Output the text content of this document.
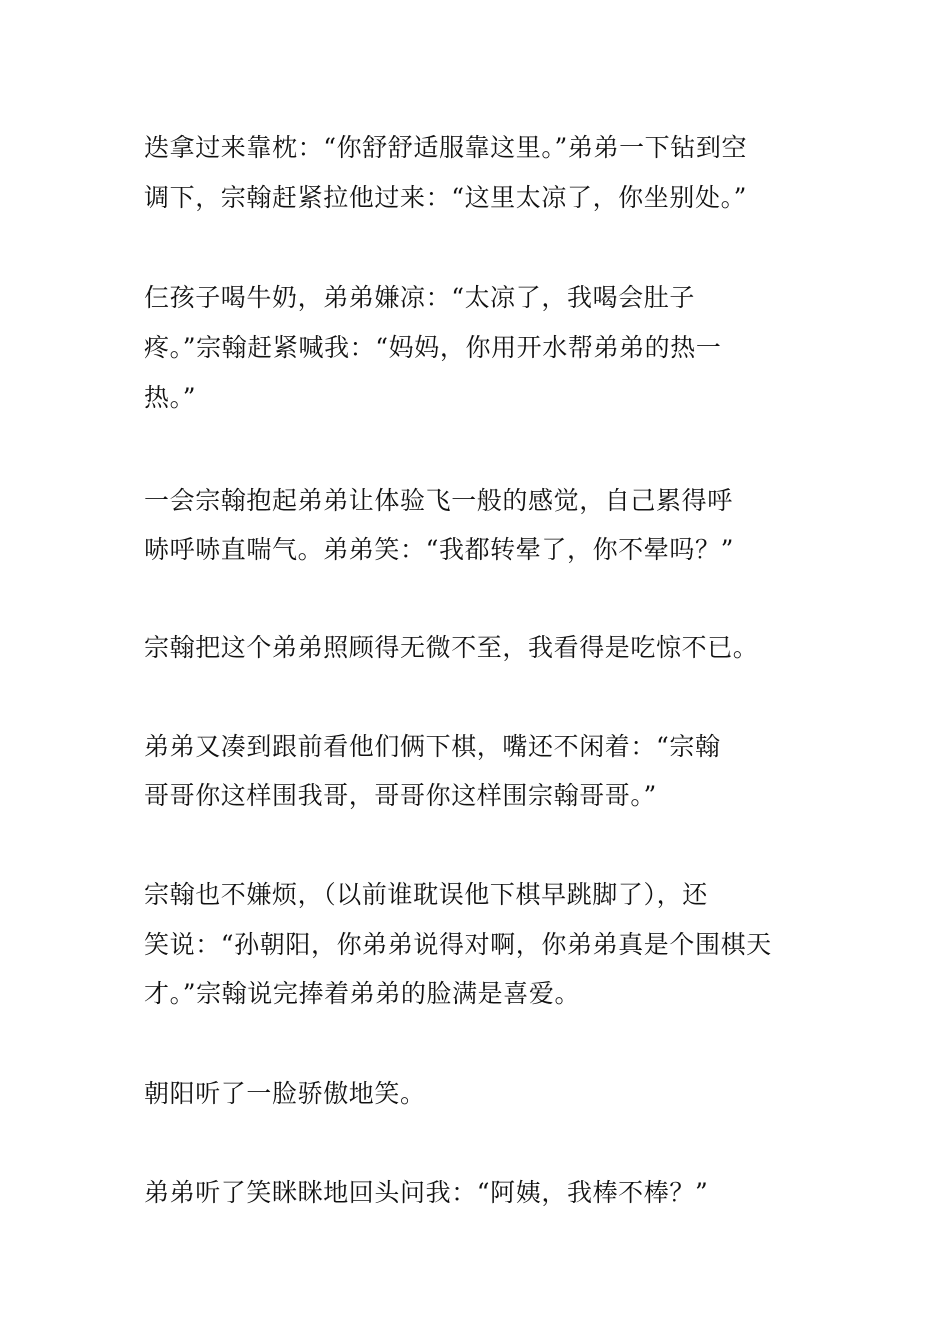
迭拿过来靠枕：“你舒舒适服靠这里。”弟弟一下钻到空
调下，宗翰赶紧拉他过来：“这里太凉了，你坐别处。”
仨孩子喝牛奶，弟弟嫌凉：“太凉了，我喝会肚子
疼。”宗翰赶紧喊我：“妈妈，你用开水帮弟弟的热一
热。”
一会宗翰抱起弟弟让体验飞一般的感觉，自己累得呼
哧呼哧直喘气。弟弟笑：“我都转晕了，你不晕吗？”
宗翰把这个弟弟照顾得无微不至，我看得是吃惊不已。
弟弟又凑到跟前看他们俩下棋，嘴还不闲着：“宗翰
哥哥你这样围我哥，哥哥你这样围宗翰哥哥。”
宗翰也不嫌烦，（以前谁耽误他下棋早跳脚了），还
笑说：“孙朝阳，你弟弟说得对啊，你弟弟真是个围棋天
才。”宗翰说完捧着弟弟的脸满是喜爱。
朝阳听了一脸骄傲地笑。
弟弟听了笑眯眯地回头问我：“阿姨，我棒不棒？”
